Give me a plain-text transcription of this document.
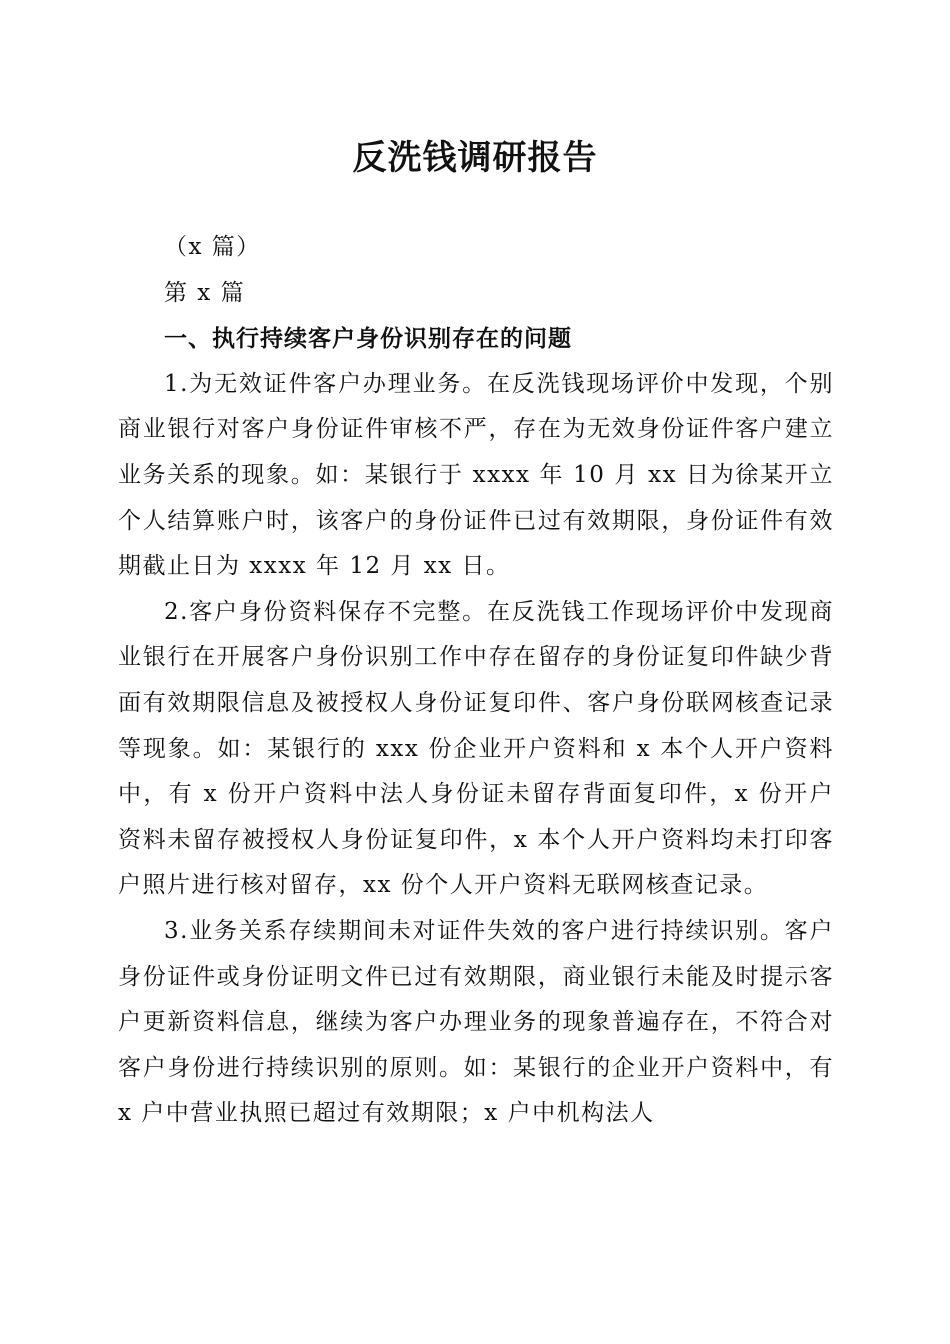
反洗钱调研报告

（x 篇）

第 x 篇

一、执行持续客户身份识别存在的问题

1.为无效证件客户办理业务。在反洗钱现场评价中发现，个别商业银行对客户身份证件审核不严，存在为无效身份证件客户建立业务关系的现象。如：某银行于 xxxx 年 10 月 xx 日为徐某开立个人结算账户时，该客户的身份证件已过有效期限，身份证件有效期截止日为 xxxx 年 12 月 xx 日。

2.客户身份资料保存不完整。在反洗钱工作现场评价中发现商业银行在开展客户身份识别工作中存在留存的身份证复印件缺少背面有效期限信息及被授权人身份证复印件、客户身份联网核查记录等现象。如：某银行的 xxx 份企业开户资料和 x 本个人开户资料中，有 x 份开户资料中法人身份证未留存背面复印件，x 份开户资料未留存被授权人身份证复印件，x 本个人开户资料均未打印客户照片进行核对留存，xx 份个人开户资料无联网核查记录。

3.业务关系存续期间未对证件失效的客户进行持续识别。客户身份证件或身份证明文件已过有效期限，商业银行未能及时提示客户更新资料信息，继续为客户办理业务的现象普遍存在，不符合对客户身份进行持续识别的原则。如：某银行的企业开户资料中，有 x 户中营业执照已超过有效期限；x 户中机构法人
